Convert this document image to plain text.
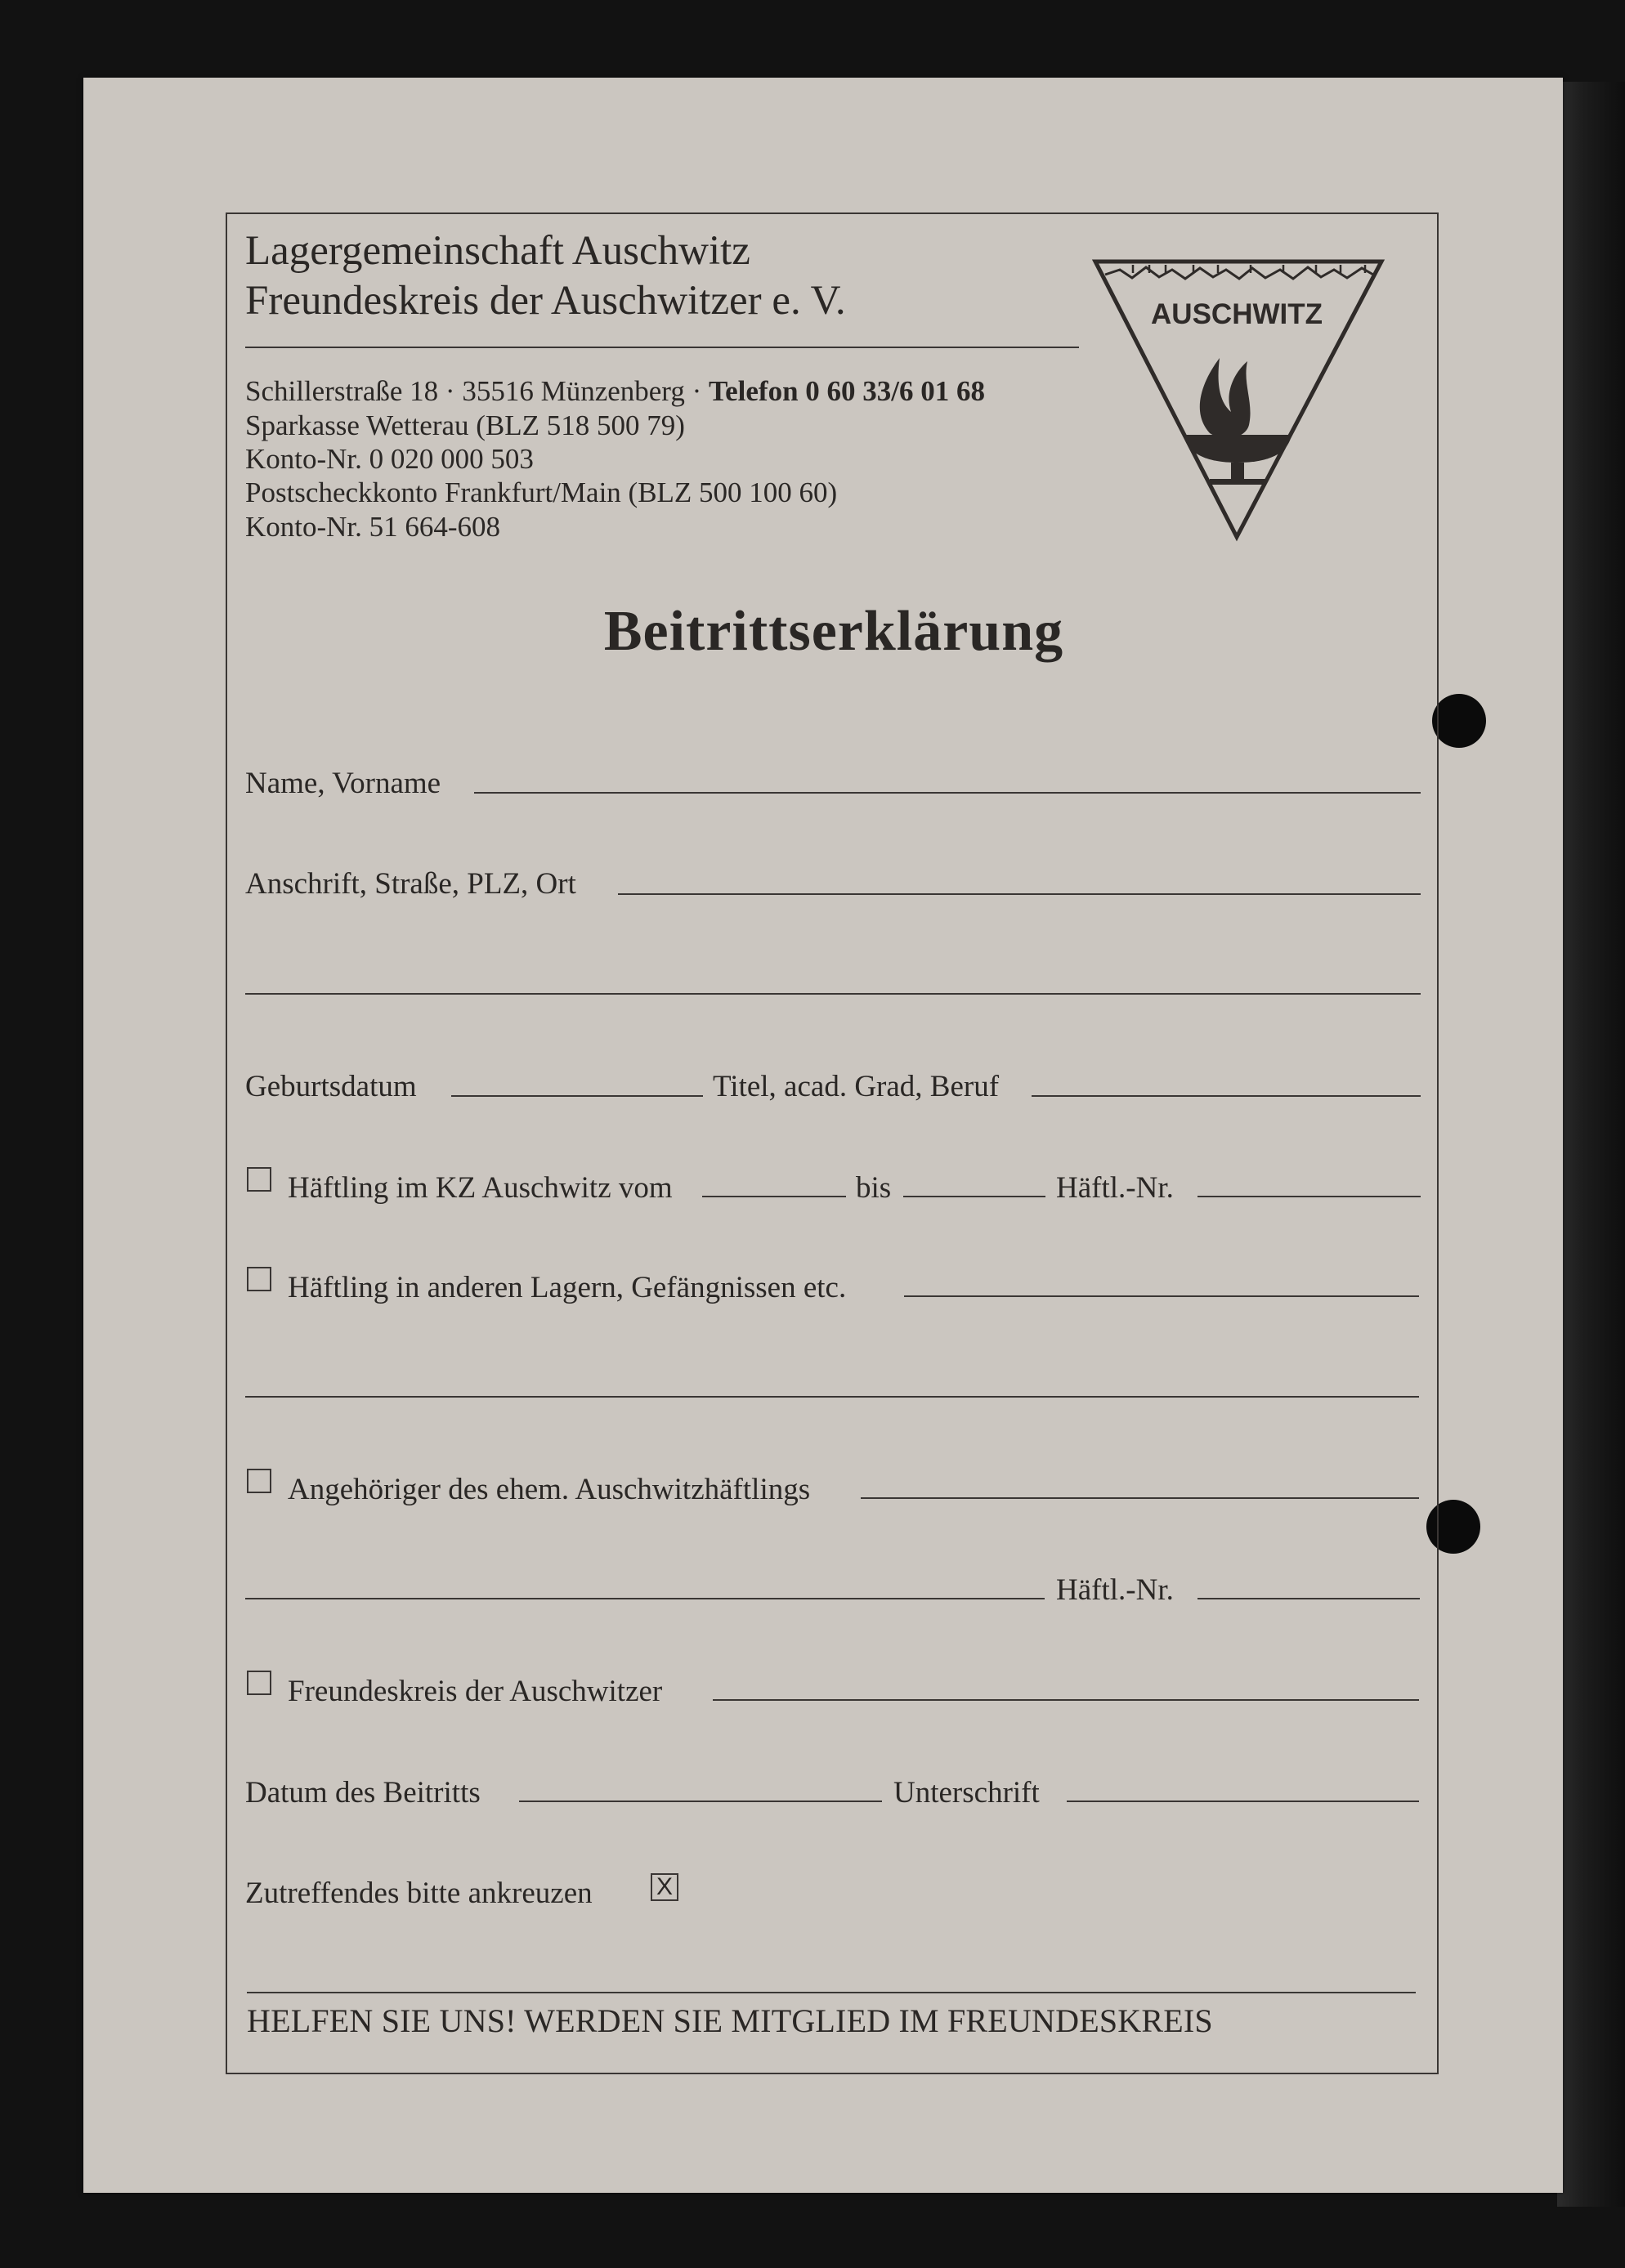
Lagergemeinschaft Auschwitz
Freundeskreis der Auschwitzer e. V.
Schillerstraße 18 · 35516 Münzenberg · Telefon 0 60 33/6 01 68
Sparkasse Wetterau (BLZ 518 500 79)
Konto-Nr. 0 020 000 503
Postscheckkonto Frankfurt/Main (BLZ 500 100 60)
Konto-Nr. 51 664-608
AUSCHWITZ
Beitrittserklärung
Name, Vorname
Anschrift, Straße, PLZ, Ort
Geburtsdatum	Titel, acad. Grad, Beruf
Häftling im KZ Auschwitz vom	bis	Häftl.-Nr.
Häftling in anderen Lagern, Gefängnissen etc.
Angehöriger des ehem. Auschwitzhäftlings
Häftl.-Nr.
Freundeskreis der Auschwitzer
Datum des Beitritts	Unterschrift
Zutreffendes bitte ankreuzen	X
HELFEN SIE UNS! WERDEN SIE MITGLIED IM FREUNDESKREIS
